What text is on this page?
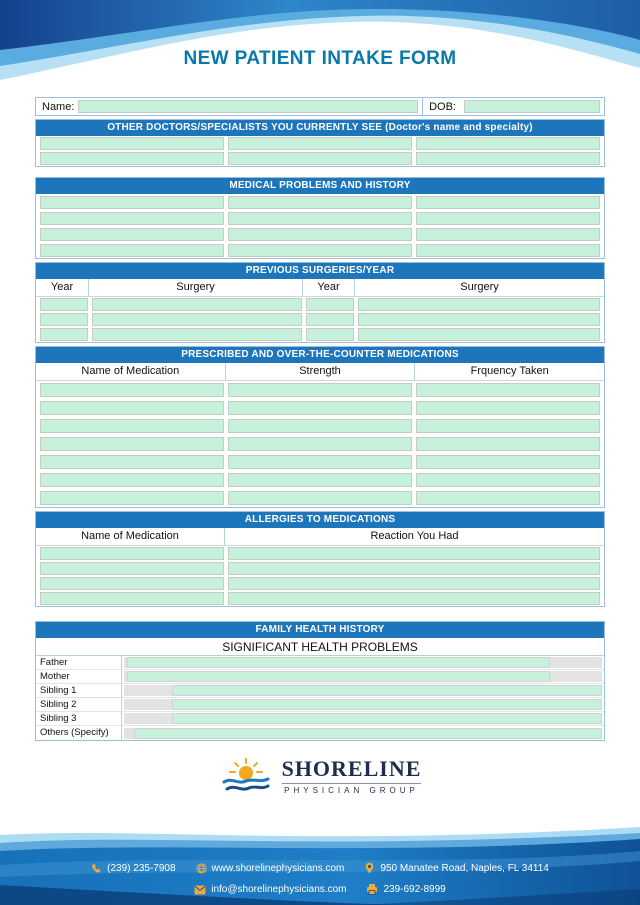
NEW PATIENT INTAKE FORM
Name:	DOB:
OTHER DOCTORS/SPECIALISTS YOU CURRENTLY SEE (Doctor's name and specialty)
MEDICAL PROBLEMS AND HISTORY
PREVIOUS SURGERIES/YEAR
Year	Surgery	Year	Surgery
PRESCRIBED AND OVER-THE-COUNTER MEDICATIONS
Name of Medication	Strength	Frquency Taken
ALLERGIES TO MEDICATIONS
Name of Medication	Reaction You Had
FAMILY HEALTH HISTORY
SIGNIFICANT HEALTH PROBLEMS
Father
Mother
Sibling 1
Sibling 2
Sibling 3
Others (Specify)
SHORELINE
PHYSICIAN GROUP
(239) 235-7908	www.shorelinephysicians.com	950 Manatee Road, Naples, FL 34114
info@shorelinephysicians.com	239-692-8999
